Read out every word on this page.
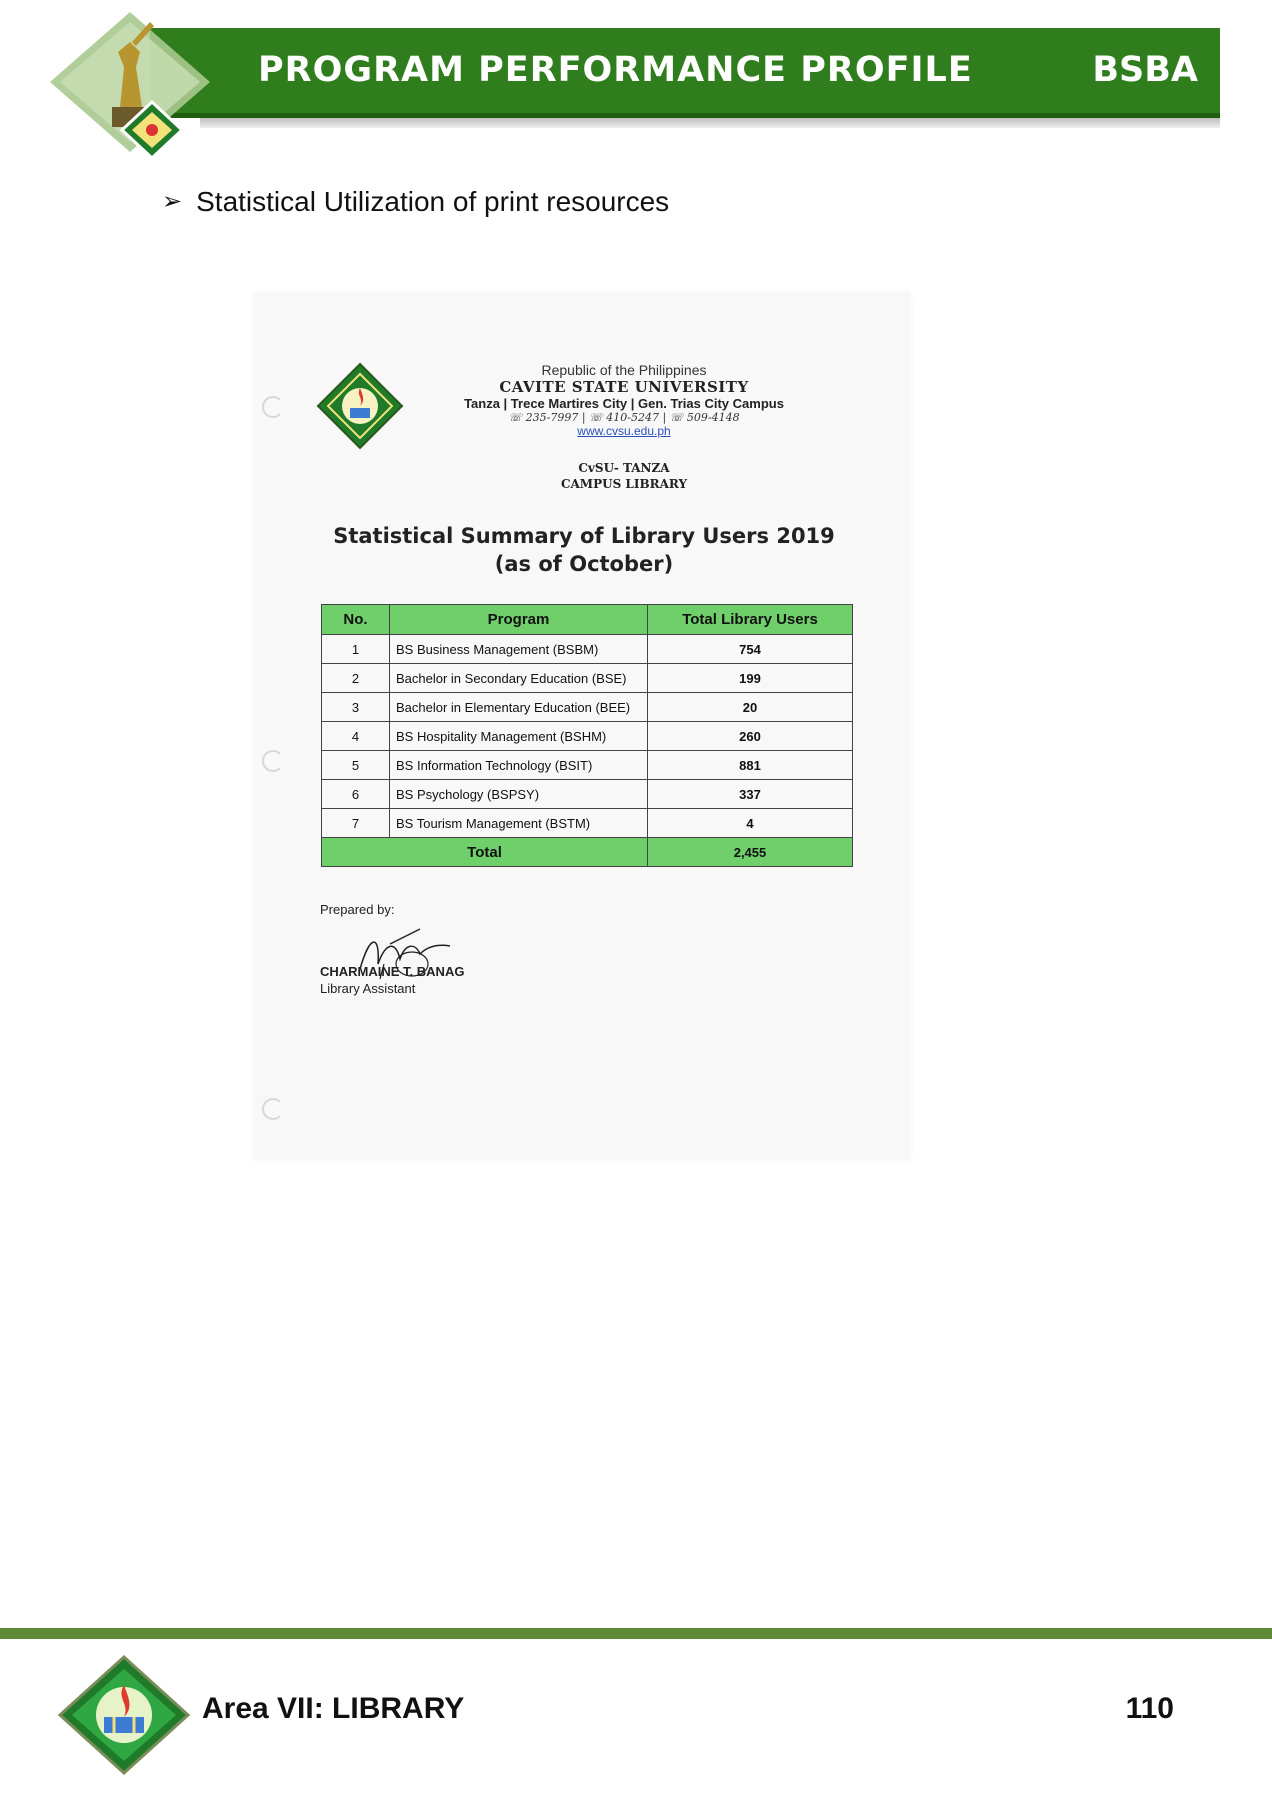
PROGRAM PERFORMANCE PROFILE	BSBA
➢ Statistical Utilization of print resources
Republic of the Philippines
CAVITE STATE UNIVERSITY
Tanza | Trece Martires City | Gen. Trias City Campus
☏ 235-7997 | ☏ 410-5247 | ☏ 509-4148
www.cvsu.edu.ph
CvSU- TANZA
CAMPUS LIBRARY
Statistical Summary of Library Users 2019
(as of October)
No.	Program	Total Library Users
1	BS Business Management (BSBM)	754
2	Bachelor in Secondary Education (BSE)	199
3	Bachelor in Elementary Education (BEE)	20
4	BS Hospitality Management (BSHM)	260
5	BS Information Technology (BSIT)	881
6	BS Psychology (BSPSY)	337
7	BS Tourism Management (BSTM)	4
Total		2,455
Prepared by:
CHARMAINE T. BANAG
Library Assistant
Area VII: LIBRARY	110
